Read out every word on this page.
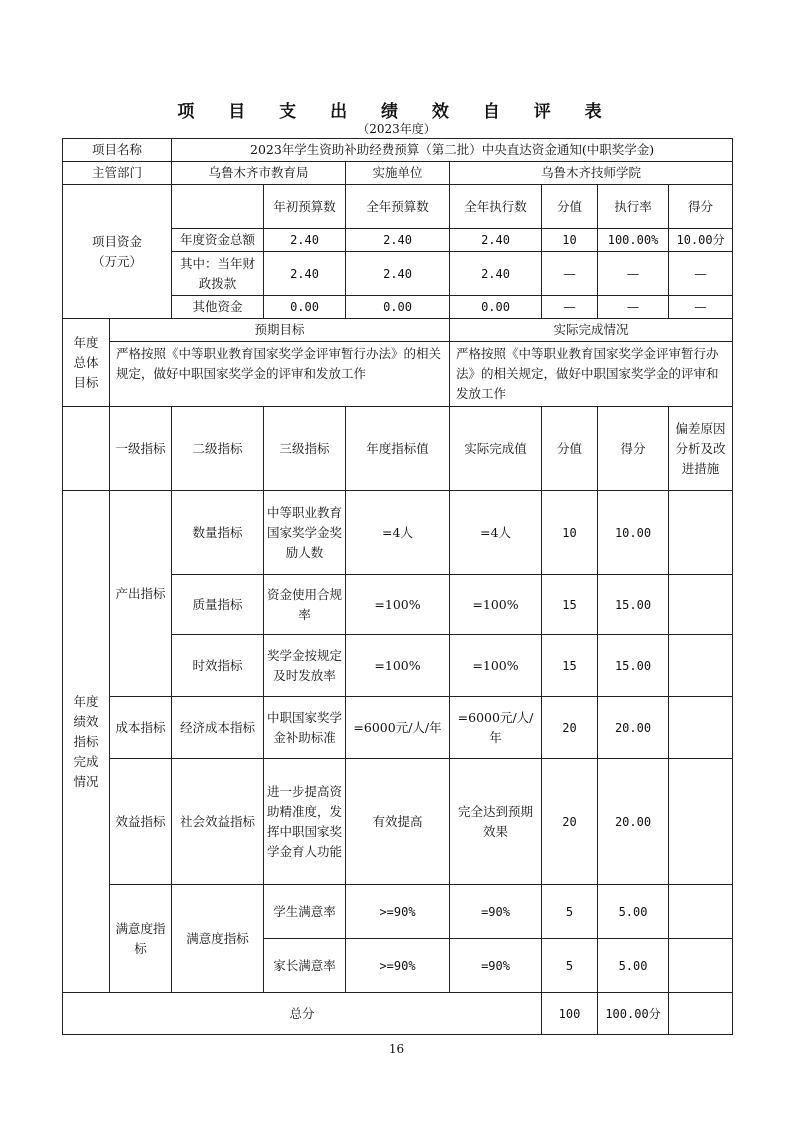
项 目 支 出 绩 效 自 评 表
（2023年度）
项目名称		2023年学生资助补助经费预算（第二批）中央直达资金通知(中职奖学金)						
主管部门		乌鲁木齐市教育局		实施单位	乌鲁木齐技师学院			
项目资金
（万元）			年初预算数	全年预算数	全年执行数	分值	执行率	得分
		年度资金总额	2.40	2.40	2.40	10	100.00%	10.00分
		其中：当年财政拨款	2.40	2.40	2.40	—	—	—
		其他资金	0.00	0.00	0.00	—	—	—
年度
总体
目标	预期目标				实际完成情况			
	严格按照《中等职业教育国家奖学金评审暂行办法》的相关规定，做好中职国家奖学金的评审和发放工作				严格按照《中等职业教育国家奖学金评审暂行办法》的相关规定，做好中职国家奖学金的评审和发放工作			
	一级指标	二级指标	三级指标	年度指标值	实际完成值	分值	得分	偏差原因分析及改进措施
年度
绩效
指标
完成
情况	产出指标	数量指标	中等职业教育国家奖学金奖励人数	=4人	=4人	10	10.00	
		质量指标	资金使用合规率	=100%	=100%	15	15.00	
		时效指标	奖学金按规定及时发放率	=100%	=100%	15	15.00	
	成本指标	经济成本指标	中职国家奖学金补助标准	=6000元/人/年	=6000元/人/年	20	20.00	
	效益指标	社会效益指标	进一步提高资助精准度，发挥中职国家奖学金育人功能	有效提高	完全达到预期效果	20	20.00	
	满意度指标	满意度指标	学生满意率	>=90%	=90%	5	5.00	
			家长满意率	>=90%	=90%	5	5.00	
总分						100	100.00分	
16
